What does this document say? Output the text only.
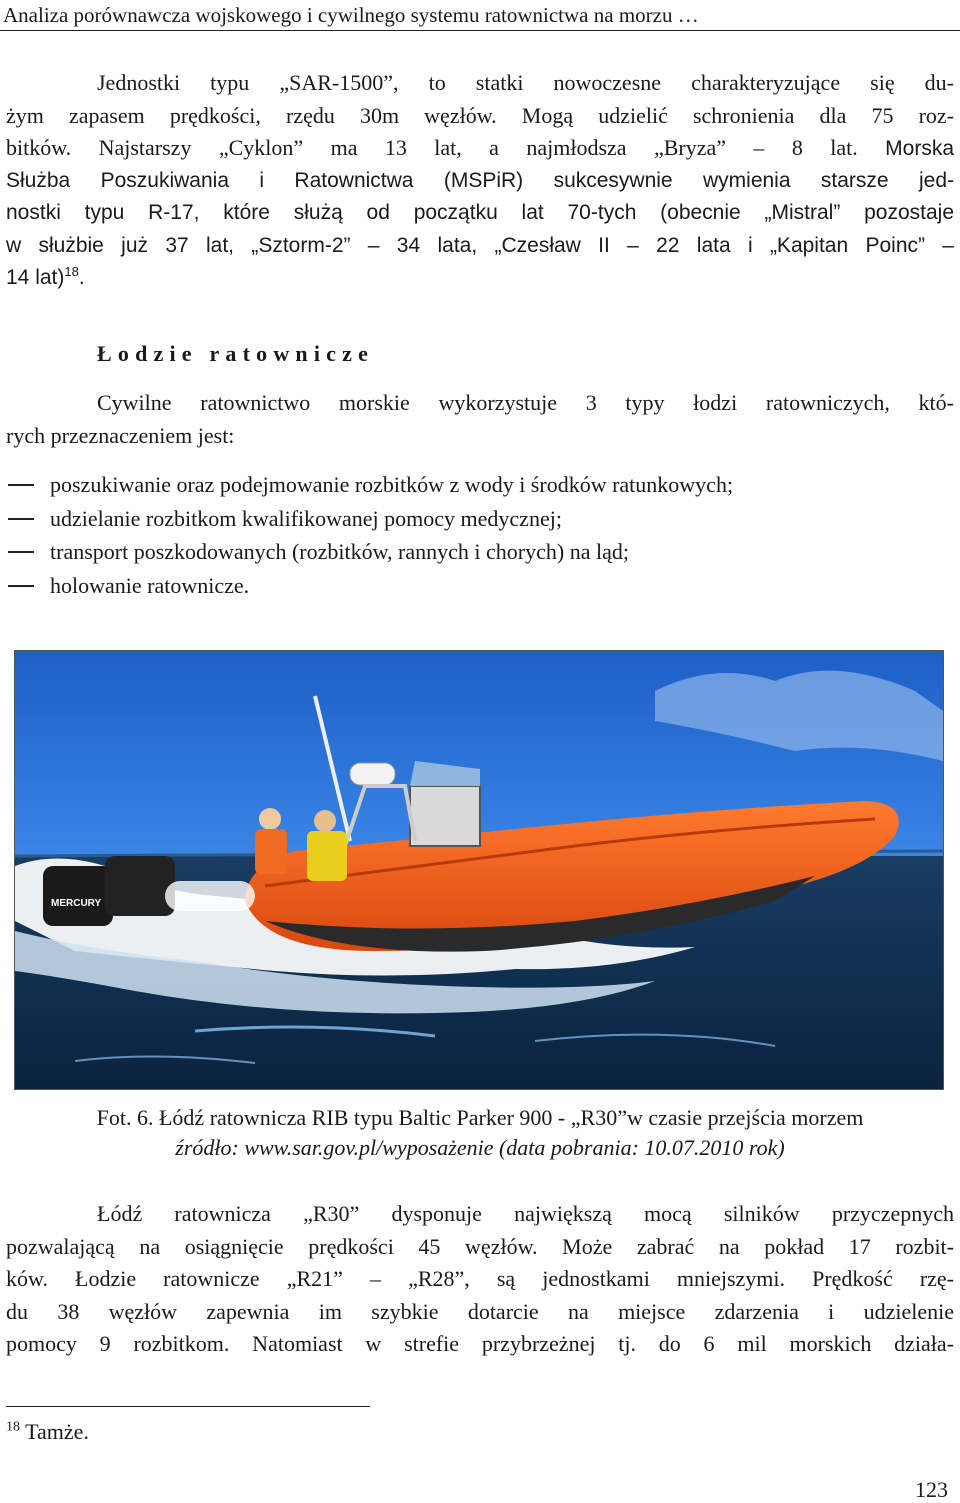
Analiza porównawcza wojskowego i cywilnego systemu ratownictwa na morzu …
Jednostki typu „SAR-1500”, to statki nowoczesne charakteryzujące się du-
żym zapasem prędkości, rzędu 30m węzłów. Mogą udzielić schronienia dla 75 roz-
bitków. Najstarszy „Cyklon” ma 13 lat, a najmłodsza „Bryza” – 8 lat. Morska
Służba Poszukiwania i Ratownictwa (MSPiR) sukcesywnie wymienia starsze jed-
nostki typu R-17, które służą od początku lat 70-tych (obecnie „Mistral” pozostaje
w służbie już 37 lat, „Sztorm-2” – 34 lata, „Czesław II – 22 lata i „Kapitan Poinc” –
14 lat)$^{18}$.
Łodzie ratownicze
Cywilne ratownictwo morskie wykorzystuje 3 typy łodzi ratowniczych, któ-
rych przeznaczeniem jest:
poszukiwanie oraz podejmowanie rozbitków z wody i środków ratunkowych;
udzielanie rozbitkom kwalifikowanej pomocy medycznej;
transport poszkodowanych (rozbitków, rannych i chorych) na ląd;
holowanie ratownicze.
MERCURY
Fot. 6. Łódź ratownicza RIB typu Baltic Parker 900 - „R30”w czasie przejścia morzem
źródło: www.sar.gov.pl/wyposażenie (data pobrania: 10.07.2010 rok)
Łódź ratownicza „R30” dysponuje największą mocą silników przyczepnych
pozwalającą na osiągnięcie prędkości 45 węzłów. Może zabrać na pokład 17 rozbit-
ków. Łodzie ratownicze „R21” – „R28”, są jednostkami mniejszymi. Prędkość rzę-
du 38 węzłów zapewnia im szybkie dotarcie na miejsce zdarzenia i udzielenie
pomocy 9 rozbitkom. Natomiast w strefie przybrzeżnej tj. do 6 mil morskich działa-
$^{18}$ Tamże.
123
